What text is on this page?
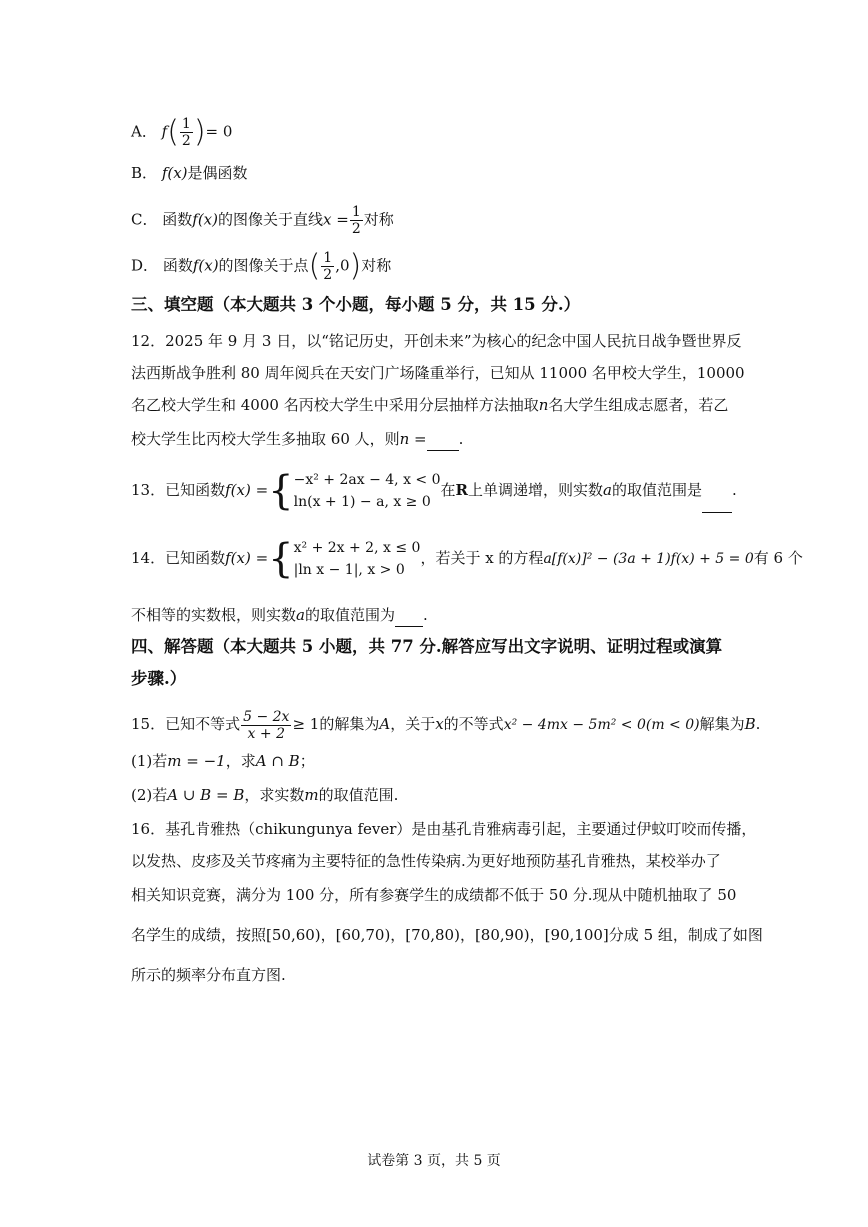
A． $f( \frac{1}{2}$ )= 0
B． f(x)是偶函数
C． 函数f(x)的图像关于直线$x = \frac{1}{2}$ 对称
D． 函数f(x)的图像关于点( $\frac{1}{2} ,0$)对称
三、填空题（本大题共 3 个小题，每小题 5 分，共 15 分.）
12．2025 年 9 月 3 日，以“铭记历史，开创未来”为核心的纪念中国人民抗日战争暨世界反
法西斯战争胜利 80 周年阅兵在天安门广场隆重举行，已知从 11000 名甲校大学生，10000
名乙校大学生和 4000 名丙校大学生中采用分层抽样方法抽取n名大学生组成志愿者，若乙
校大学生比丙校大学生多抽取 60 人，则n = .
13．已知函数f(x) ={ −x² + 2ax − 4, x < 0
ln(x + 1) − a, x ≥ 0
在R上单调递增，则实数a的取值范围是 .
14．已知函数f(x) ={ x² + 2x + 2, x ≤ 0
|ln x − 1|, x > 0
，若关于 x 的方程a[f(x)]² − (3a + 1)f(x) + 5 = 0有 6 个
不相等的实数根，则实数a的取值范围为 .
四、解答题（本大题共 5 小题，共 77 分.解答应写出文字说明、证明过程或演算
步骤.）
15．已知不等式 $\frac{5 - 2x}{x + 2} \ge 1$的解集为A，关于x的不等式x² − 4mx − 5m² < 0(m < 0)解集为B.
(1)若m = −1，求A ∩ B；
(2)若A ∪ B = B，求实数m的取值范围.
16．基孔肯雅热（chikungunya fever）是由基孔肯雅病毒引起，主要通过伊蚊叮咬而传播，
以发热、皮疹及关节疼痛为主要特征的急性传染病.为更好地预防基孔肯雅热，某校举办了
相关知识竞赛，满分为 100 分，所有参赛学生的成绩都不低于 50 分.现从中随机抽取了 50
名学生的成绩，按照[50,60)，[60,70)，[70,80)，[80,90)，[90,100]分成 5 组，制成了如图
所示的频率分布直方图.
试卷第 3 页，共 5 页
